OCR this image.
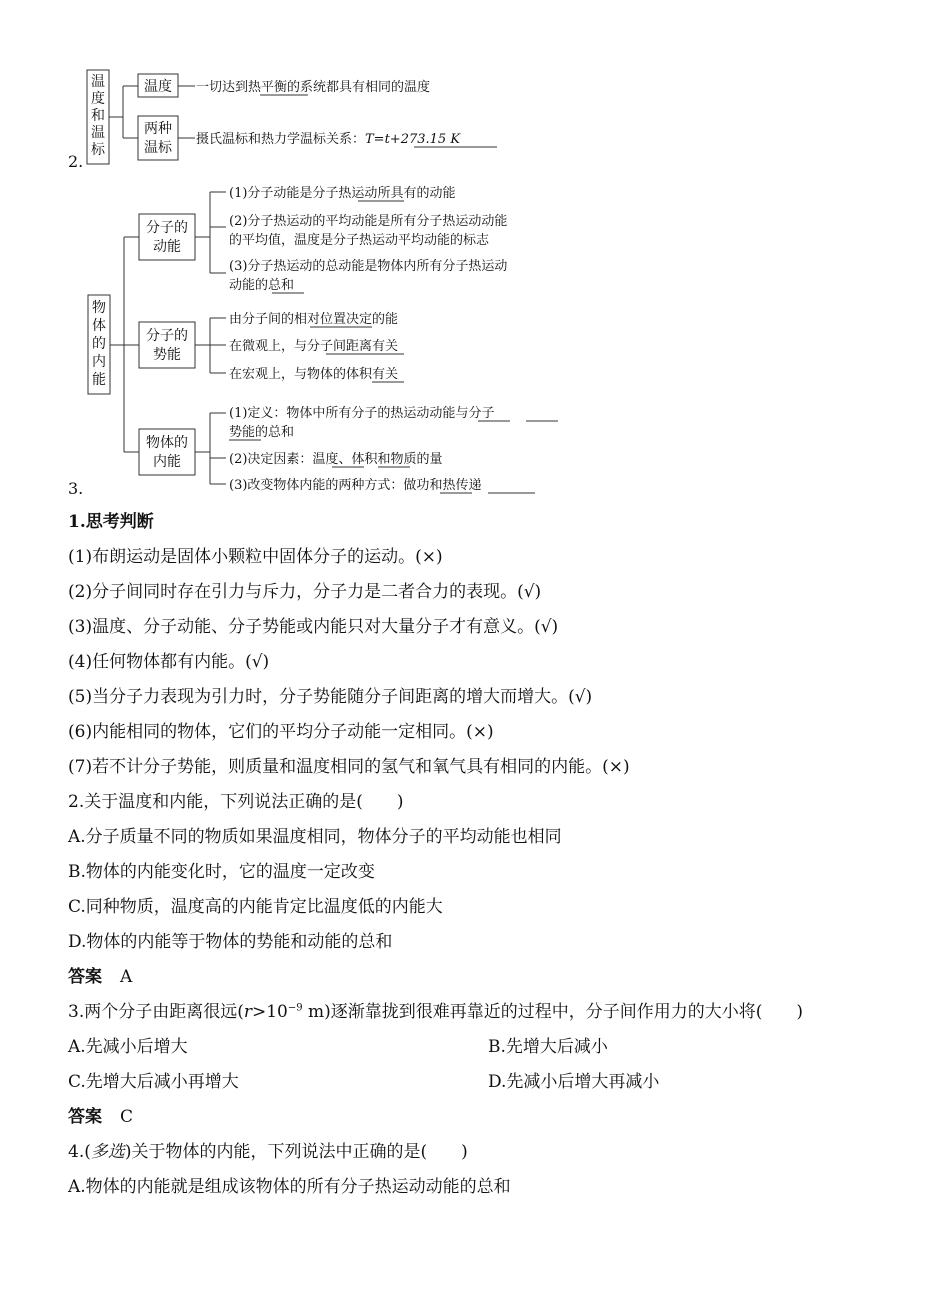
2.
温
度
和
温
标
温度 一切达到热平衡的系统都具有相同的温度
两种
温标
摄氏温标和热力学温标关系：T=t+273.15 K
3.
物
体
的
内
能
分子的
动能
(1)分子动能是分子热运动所具有的动能
(2)分子热运动的平均动能是所有分子热运动动能
的平均值，温度是分子热运动平均动能的标志
(3)分子热运动的总动能是物体内所有分子热运动
动能的总和
分子的
势能
由分子间的相对位置决定的能
在微观上，与分子间距离有关
在宏观上，与物体的体积有关
物体的
内能
(1)定义：物体中所有分子的热运动动能与分子
势能的总和
(2)决定因素：温度、体积和物质的量
(3)改变物体内能的两种方式：做功和热传递
1.思考判断
(1)布朗运动是固体小颗粒中固体分子的运动。(×)
(2)分子间同时存在引力与斥力，分子力是二者合力的表现。(√)
(3)温度、分子动能、分子势能或内能只对大量分子才有意义。(√)
(4)任何物体都有内能。(√)
(5)当分子力表现为引力时，分子势能随分子间距离的增大而增大。(√)
(6)内能相同的物体，它们的平均分子动能一定相同。(×)
(7)若不计分子势能，则质量和温度相同的氢气和氧气具有相同的内能。(×)
2.关于温度和内能，下列说法正确的是(　　)
A.分子质量不同的物质如果温度相同，物体分子的平均动能也相同
B.物体的内能变化时，它的温度一定改变
C.同种物质，温度高的内能肯定比温度低的内能大
D.物体的内能等于物体的势能和动能的总和
答案 A
3.两个分子由距离很远($r>10^{-9}$ m)逐渐靠拢到很难再靠近的过程中，分子间作用力的大小将(　　)
A.先减小后增大	B.先增大后减小
C.先增大后减小再增大	D.先减小后增大再减小
答案 C
4.(多选)关于物体的内能，下列说法中正确的是(　　)
A.物体的内能就是组成该物体的所有分子热运动动能的总和
